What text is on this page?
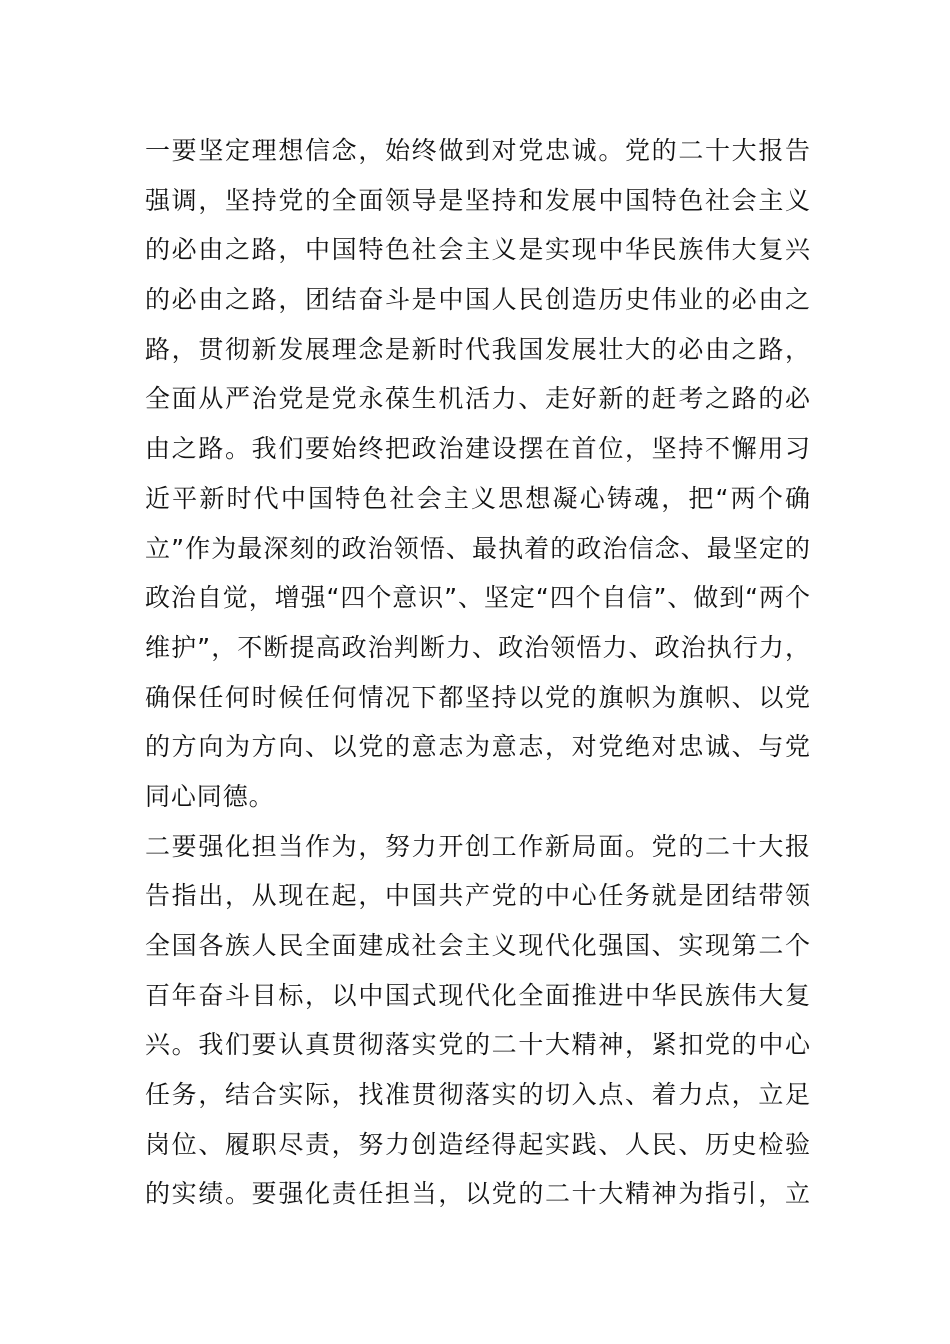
一要坚定理想信念，始终做到对党忠诚。党的二十大报告
强调，坚持党的全面领导是坚持和发展中国特色社会主义
的必由之路，中国特色社会主义是实现中华民族伟大复兴
的必由之路，团结奋斗是中国人民创造历史伟业的必由之
路，贯彻新发展理念是新时代我国发展壮大的必由之路，
全面从严治党是党永葆生机活力、走好新的赶考之路的必
由之路。我们要始终把政治建设摆在首位，坚持不懈用习
近平新时代中国特色社会主义思想凝心铸魂，把“两个确
立”作为最深刻的政治领悟、最执着的政治信念、最坚定的
政治自觉，增强“四个意识”、坚定“四个自信”、做到“两个
维护”，不断提高政治判断力、政治领悟力、政治执行力，
确保任何时候任何情况下都坚持以党的旗帜为旗帜、以党
的方向为方向、以党的意志为意志，对党绝对忠诚、与党
同心同德。
二要强化担当作为，努力开创工作新局面。党的二十大报
告指出，从现在起，中国共产党的中心任务就是团结带领
全国各族人民全面建成社会主义现代化强国、实现第二个
百年奋斗目标，以中国式现代化全面推进中华民族伟大复
兴。我们要认真贯彻落实党的二十大精神，紧扣党的中心
任务，结合实际，找准贯彻落实的切入点、着力点，立足
岗位、履职尽责，努力创造经得起实践、人民、历史检验
的实绩。要强化责任担当，以党的二十大精神为指引，立
